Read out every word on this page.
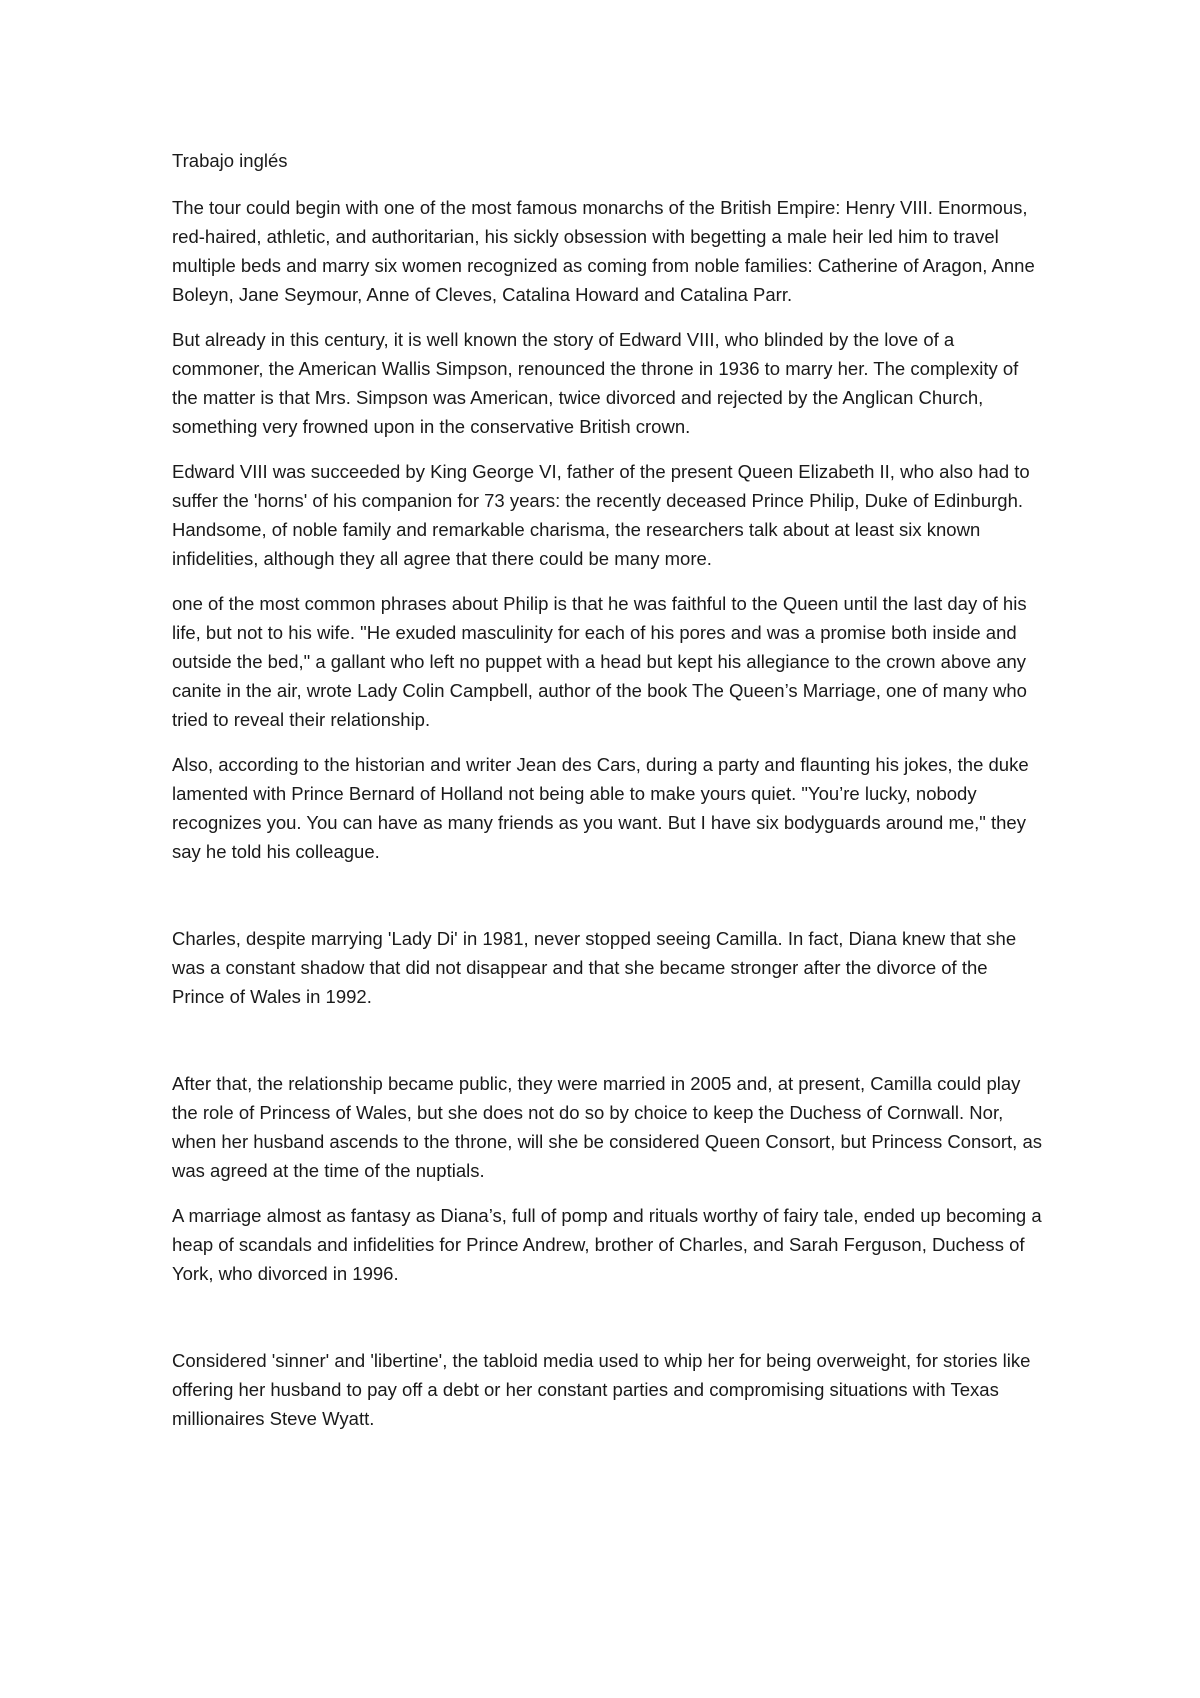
Trabajo inglés

The tour could begin with one of the most famous monarchs of the British Empire: Henry VIII. Enormous, red-haired, athletic, and authoritarian, his sickly obsession with begetting a male heir led him to travel multiple beds and marry six women recognized as coming from noble families: Catherine of Aragon, Anne Boleyn, Jane Seymour, Anne of Cleves, Catalina Howard and Catalina Parr.

But already in this century, it is well known the story of Edward VIII, who blinded by the love of a commoner, the American Wallis Simpson, renounced the throne in 1936 to marry her. The complexity of the matter is that Mrs. Simpson was American, twice divorced and rejected by the Anglican Church, something very frowned upon in the conservative British crown.

Edward VIII was succeeded by King George VI, father of the present Queen Elizabeth II, who also had to suffer the 'horns' of his companion for 73 years: the recently deceased Prince Philip, Duke of Edinburgh. Handsome, of noble family and remarkable charisma, the researchers talk about at least six known infidelities, although they all agree that there could be many more.

one of the most common phrases about Philip is that he was faithful to the Queen until the last day of his life, but not to his wife. "He exuded masculinity for each of his pores and was a promise both inside and outside the bed," a gallant who left no puppet with a head but kept his allegiance to the crown above any canite in the air, wrote Lady Colin Campbell, author of the book The Queen’s Marriage, one of many who tried to reveal their relationship.

Also, according to the historian and writer Jean des Cars, during a party and flaunting his jokes, the duke lamented with Prince Bernard of Holland not being able to make yours quiet. "You’re lucky, nobody recognizes you. You can have as many friends as you want. But I have six bodyguards around me," they say he told his colleague.

Charles, despite marrying 'Lady Di' in 1981, never stopped seeing Camilla. In fact, Diana knew that she was a constant shadow that did not disappear and that she became stronger after the divorce of the Prince of Wales in 1992.

After that, the relationship became public, they were married in 2005 and, at present, Camilla could play the role of Princess of Wales, but she does not do so by choice to keep the Duchess of Cornwall. Nor, when her husband ascends to the throne, will she be considered Queen Consort, but Princess Consort, as was agreed at the time of the nuptials.

A marriage almost as fantasy as Diana’s, full of pomp and rituals worthy of fairy tale, ended up becoming a heap of scandals and infidelities for Prince Andrew, brother of Charles, and Sarah Ferguson, Duchess of York, who divorced in 1996.

Considered 'sinner' and 'libertine', the tabloid media used to whip her for being overweight, for stories like offering her husband to pay off a debt or her constant parties and compromising situations with Texas millionaires Steve Wyatt.
